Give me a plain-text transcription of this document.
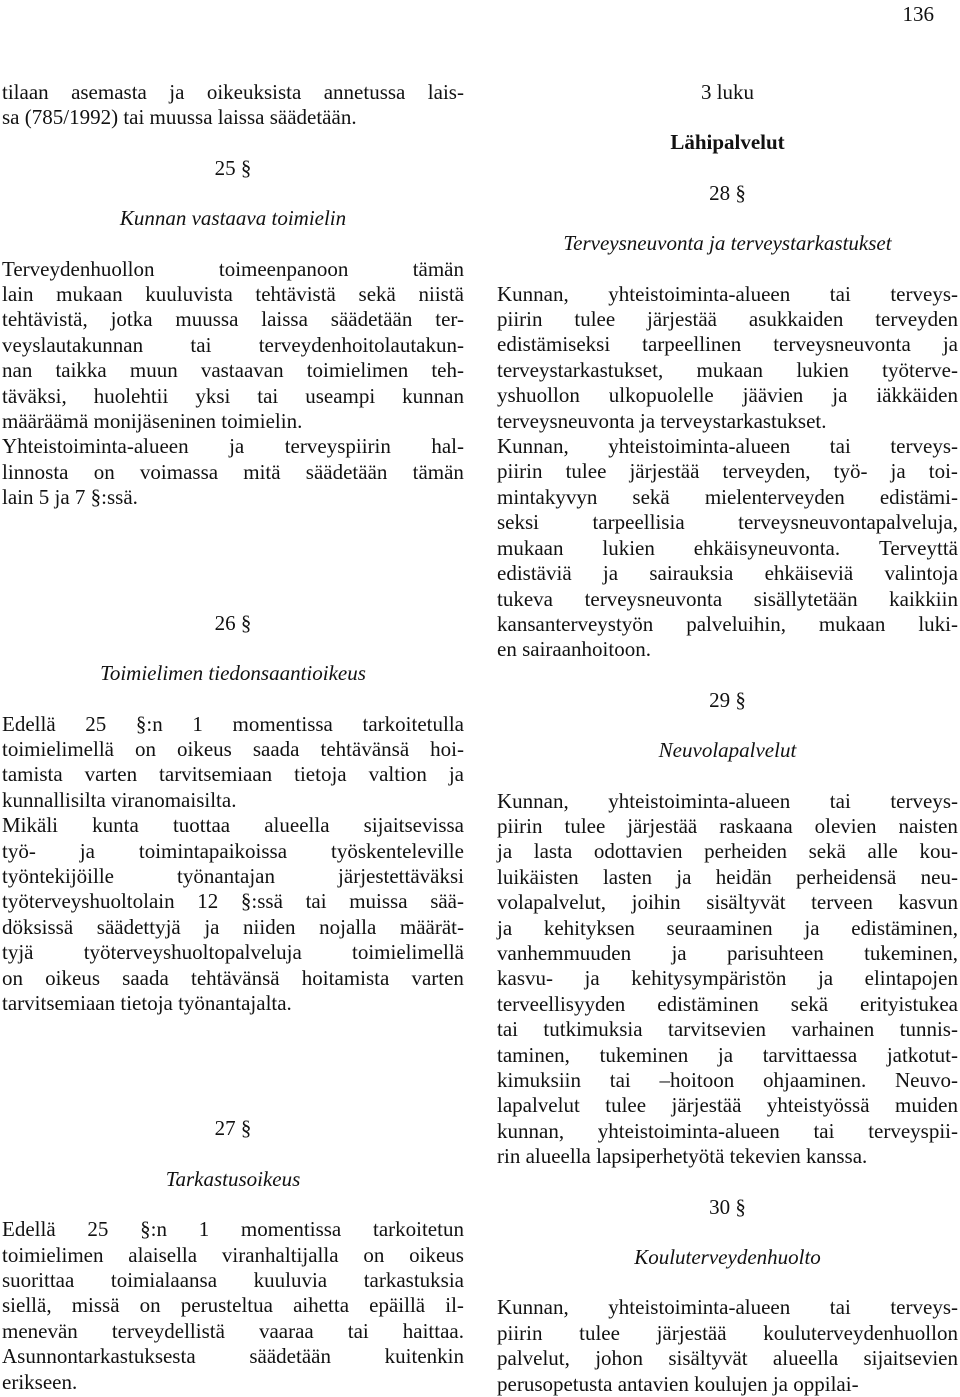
136
tilaan asemasta ja oikeuksista annetussa lais-
sa (785/1992) tai muussa laissa säädetään.
25 §
Kunnan vastaava toimielin
Terveydenhuollon	toimeenpanoon	tämän
lain mukaan kuuluvista tehtävistä sekä niistä
tehtävistä, jotka muussa laissa säädetään ter-
veyslautakunnan tai terveydenhoitolautakun-
nan taikka muun vastaavan toimielimen teh-
täväksi, huolehtii yksi tai useampi kunnan
määräämä monijäseninen toimielin.
Yhteistoiminta-alueen ja terveyspiirin hal-
linnosta on voimassa mitä säädetään tämän
lain 5 ja 7 §:ssä.
26 §
Toimielimen tiedonsaantioikeus
Edellä 25 §:n 1 momentissa tarkoitetulla
toimielimellä on oikeus saada tehtävänsä hoi-
tamista varten tarvitsemiaan tietoja valtion ja
kunnallisilta viranomaisilta.
Mikäli kunta tuottaa alueella sijaitsevissa
työ- ja toimintapaikoissa työskenteleville
työntekijöille	työnantajan	järjestettäväksi
työterveyshuoltolain 12 §:ssä tai muissa sää-
döksissä säädettyjä ja niiden nojalla määrät-
tyjä työterveyshuoltopalveluja toimielimellä
on oikeus saada tehtävänsä hoitamista varten
tarvitsemiaan tietoja työnantajalta.
27 §
Tarkastusoikeus
Edellä 25 §:n 1 momentissa tarkoitetun
toimielimen alaisella viranhaltijalla on oikeus
suorittaa toimialaansa kuuluvia tarkastuksia
siellä, missä on perusteltua aihetta epäillä il-
menevän terveydellistä vaaraa tai haittaa.
Asunnontarkastuksesta	säädetään	kuitenkin
erikseen.
3 luku
Lähipalvelut
28 §
Terveysneuvonta ja terveystarkastukset
Kunnan, yhteistoiminta-alueen tai terveys-
piirin tulee järjestää asukkaiden terveyden
edistämiseksi tarpeellinen terveysneuvonta ja
terveystarkastukset, mukaan lukien työterve-
yshuollon ulkopuolelle jäävien ja iäkkäiden
terveysneuvonta ja terveystarkastukset.
Kunnan, yhteistoiminta-alueen tai terveys-
piirin tulee järjestää terveyden, työ- ja toi-
mintakyvyn sekä mielenterveyden edistämi-
seksi	tarpeellisia	terveysneuvontapalveluja,
mukaan lukien ehkäisyneuvonta. Terveyttä
edistäviä ja sairauksia ehkäiseviä valintoja
tukeva terveysneuvonta sisällytetään kaikkiin
kansanterveystyön palveluihin, mukaan luki-
en sairaanhoitoon.
29 §
Neuvolapalvelut
Kunnan, yhteistoiminta-alueen tai terveys-
piirin tulee järjestää raskaana olevien naisten
ja lasta odottavien perheiden sekä alle kou-
luikäisten lasten ja heidän perheidensä neu-
volapalvelut, joihin sisältyvät terveen kasvun
ja kehityksen seuraaminen ja edistäminen,
vanhemmuuden ja parisuhteen tukeminen,
kasvu- ja kehitysympäristön ja elintapojen
terveellisyyden edistäminen sekä erityistukea
tai tutkimuksia tarvitsevien varhainen tunnis-
taminen, tukeminen ja tarvittaessa jatkotut-
kimuksiin tai –hoitoon ohjaaminen. Neuvo-
lapalvelut tulee järjestää yhteistyössä muiden
kunnan, yhteistoiminta-alueen tai terveyspii-
rin alueella lapsiperhetyötä tekevien kanssa.
30 §
Kouluterveydenhuolto
Kunnan, yhteistoiminta-alueen tai terveys-
piirin tulee järjestää kouluterveydenhuollon
palvelut, johon sisältyvät alueella sijaitsevien
perusopetusta antavien koulujen ja oppilai-
